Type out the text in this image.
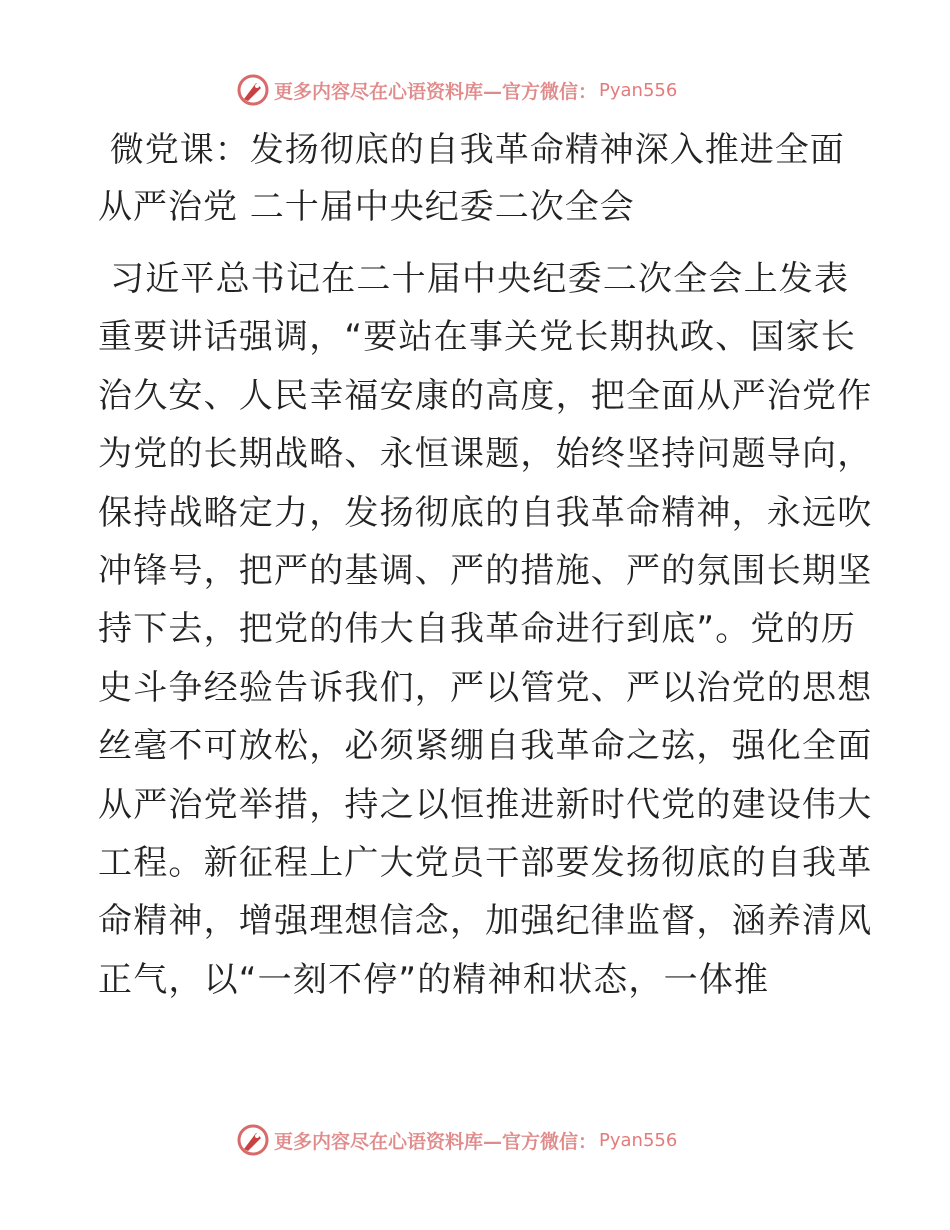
更多内容尽在心语资料库—官方微信： Pyan556
微党课：发扬彻底的自我革命精神深入推进全面
从严治党 二十届中央纪委二次全会

习近平总书记在二十届中央纪委二次全会上发表
重要讲话强调，“要站在事关党长期执政、国家长
治久安、人民幸福安康的高度，把全面从严治党作
为党的长期战略、永恒课题，始终坚持问题导向，
保持战略定力，发扬彻底的自我革命精神，永远吹
冲锋号，把严的基调、严的措施、严的氛围长期坚
持下去，把党的伟大自我革命进行到底”。党的历
史斗争经验告诉我们，严以管党、严以治党的思想
丝毫不可放松，必须紧绷自我革命之弦，强化全面
从严治党举措，持之以恒推进新时代党的建设伟大
工程。新征程上广大党员干部要发扬彻底的自我革
命精神，增强理想信念，加强纪律监督，涵养清风
正气，以“一刻不停”的精神和状态，一体推

更多内容尽在心语资料库—官方微信： Pyan556
